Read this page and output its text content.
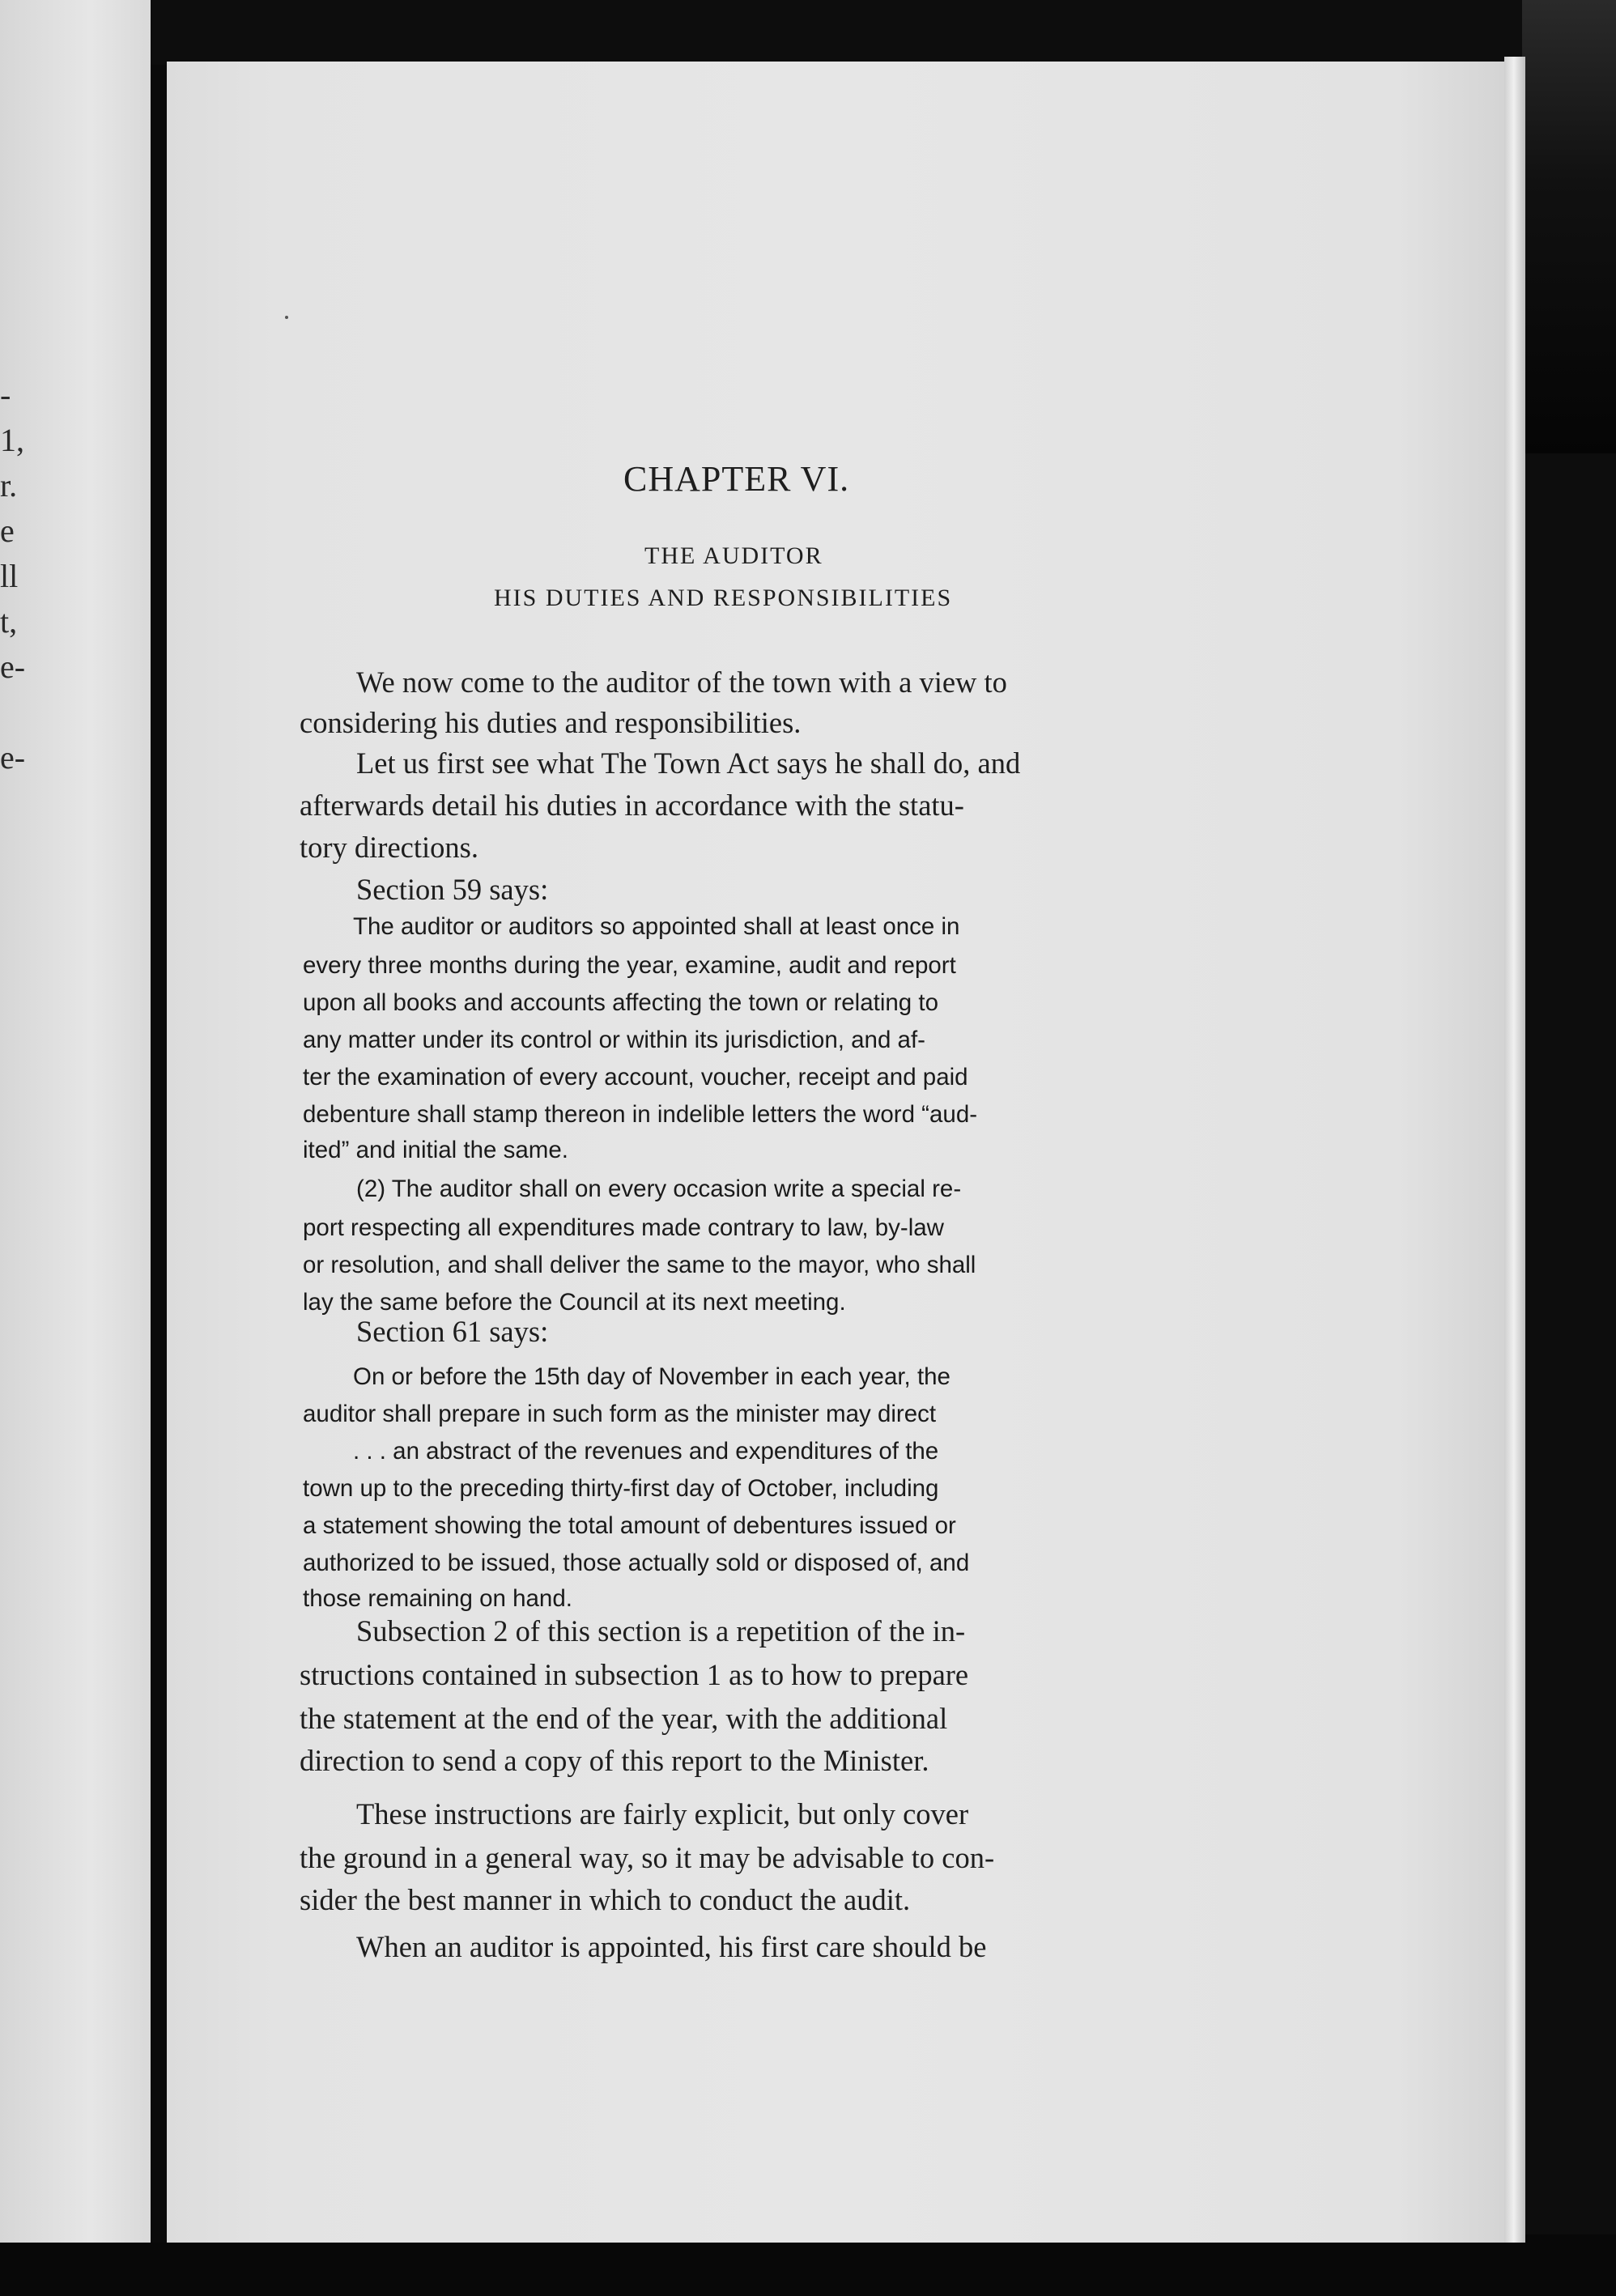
-
1,
r.
e
ll
t,
e-
e-

CHAPTER VI.

THE AUDITOR

HIS DUTIES AND RESPONSIBILITIES

We now come to the auditor of the town with a view to

considering his duties and responsibilities.

Let us first see what The Town Act says he shall do, and

afterwards detail his duties in accordance with the statu-

tory directions.

Section 59 says:

The auditor or auditors so appointed shall at least once in

every three months during the year, examine, audit and report

upon all books and accounts affecting the town or relating to

any matter under its control or within its jurisdiction, and af-

ter the examination of every account, voucher, receipt and paid

debenture shall stamp thereon in indelible letters the word “aud-

ited” and initial the same.

(2) The auditor shall on every occasion write a special re-

port respecting all expenditures made contrary to law, by-law

or resolution, and shall deliver the same to the mayor, who shall

lay the same before the Council at its next meeting.

Section 61 says:

On or before the 15th day of November in each year, the

auditor shall prepare in such form as the minister may direct

. . . an abstract of the revenues and expenditures of the

town up to the preceding thirty-first day of October, including

a statement showing the total amount of debentures issued or

authorized to be issued, those actually sold or disposed of, and

those remaining on hand.

Subsection 2 of this section is a repetition of the in-

structions contained in subsection 1 as to how to prepare

the statement at the end of the year, with the additional

direction to send a copy of this report to the Minister.

These instructions are fairly explicit, but only cover

the ground in a general way, so it may be advisable to con-

sider the best manner in which to conduct the audit.

When an auditor is appointed, his first care should be
